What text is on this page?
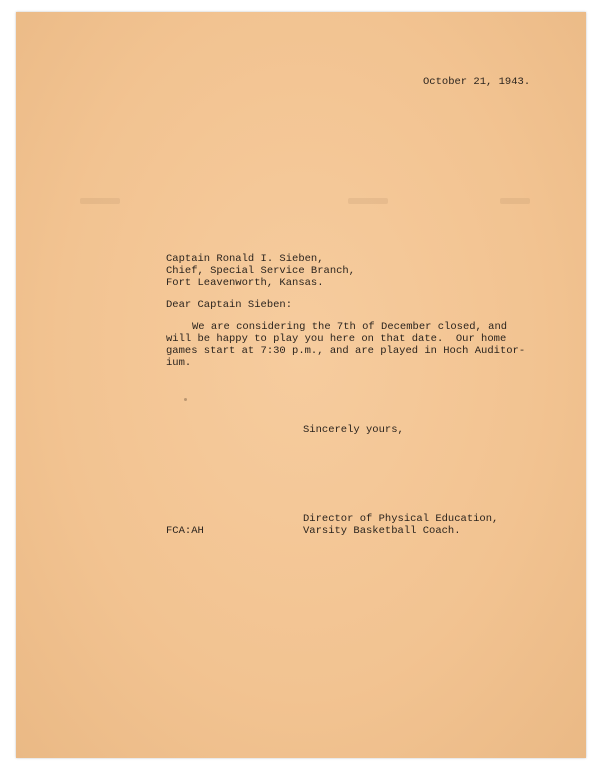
October 21, 1943.
Captain Ronald I. Sieben,
Chief, Special Service Branch,
Fort Leavenworth, Kansas.
Dear Captain Sieben:
We are considering the 7th of December closed, and
will be happy to play you here on that date.  Our home
games start at 7:30 p.m., and are played in Hoch Auditor-
ium.
Sincerely yours,
FCA:AH
Director of Physical Education,
Varsity Basketball Coach.
